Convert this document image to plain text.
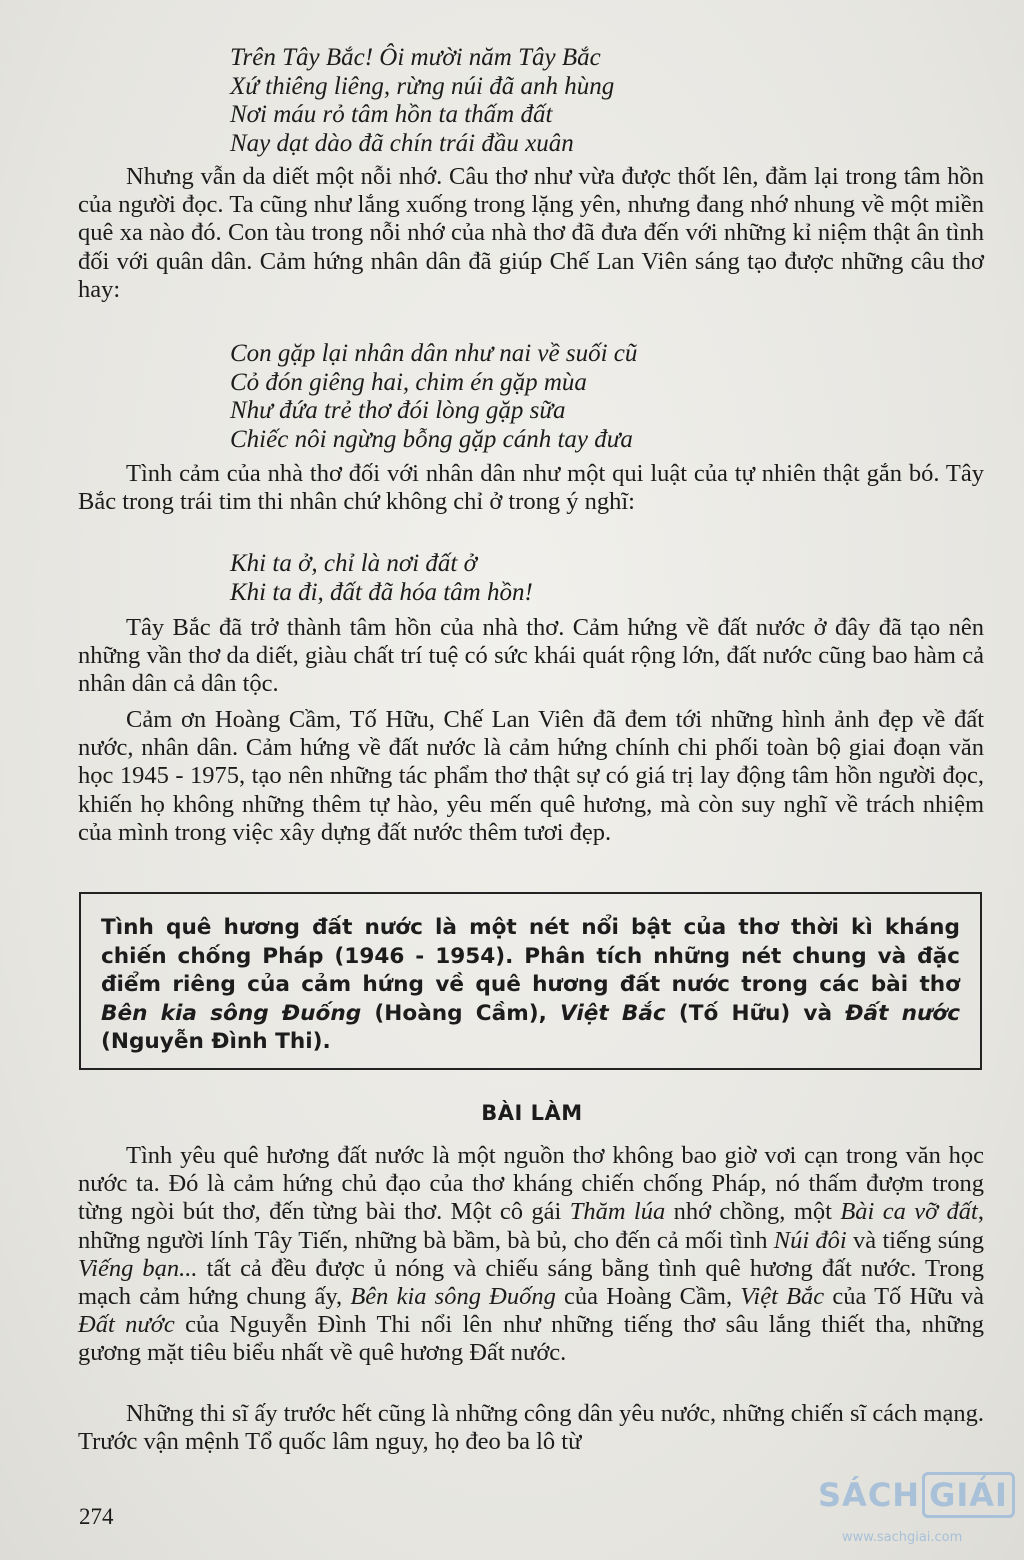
Trên Tây Bắc! Ôi mười năm Tây Bắc
Xứ thiêng liêng, rừng núi đã anh hùng
Nơi máu rỏ tâm hồn ta thấm đất
Nay dạt dào đã chín trái đầu xuân
Nhưng vẫn da diết một nỗi nhớ. Câu thơ như vừa được thốt lên, đằm lại trong tâm hồn của người đọc. Ta cũng như lắng xuống trong lặng yên, nhưng đang nhớ nhung về một miền quê xa nào đó. Con tàu trong nỗi nhớ của nhà thơ đã đưa đến với những kỉ niệm thật ân tình đối với quân dân. Cảm hứng nhân dân đã giúp Chế Lan Viên sáng tạo được những câu thơ hay:
Con gặp lại nhân dân như nai về suối cũ
Cỏ đón giêng hai, chim én gặp mùa
Như đứa trẻ thơ đói lòng gặp sữa
Chiếc nôi ngừng bỗng gặp cánh tay đưa
Tình cảm của nhà thơ đối với nhân dân như một qui luật của tự nhiên thật gắn bó. Tây Bắc trong trái tim thi nhân chứ không chỉ ở trong ý nghĩ:
Khi ta ở, chỉ là nơi đất ở
Khi ta đi, đất đã hóa tâm hồn!
Tây Bắc đã trở thành tâm hồn của nhà thơ. Cảm hứng về đất nước ở đây đã tạo nên những vần thơ da diết, giàu chất trí tuệ có sức khái quát rộng lớn, đất nước cũng bao hàm cả nhân dân cả dân tộc.
Cảm ơn Hoàng Cầm, Tố Hữu, Chế Lan Viên đã đem tới những hình ảnh đẹp về đất nước, nhân dân. Cảm hứng về đất nước là cảm hứng chính chi phối toàn bộ giai đoạn văn học 1945 - 1975, tạo nên những tác phẩm thơ thật sự có giá trị lay động tâm hồn người đọc, khiến họ không những thêm tự hào, yêu mến quê hương, mà còn suy nghĩ về trách nhiệm của mình trong việc xây dựng đất nước thêm tươi đẹp.
Tình quê hương đất nước là một nét nổi bật của thơ thời kì kháng chiến chống Pháp (1946 - 1954). Phân tích những nét chung và đặc điểm riêng của cảm hứng về quê hương đất nước trong các bài thơ Bên kia sông Đuống (Hoàng Cầm), Việt Bắc (Tố Hữu) và Đất nước (Nguyễn Đình Thi).
BÀI LÀM
Tình yêu quê hương đất nước là một nguồn thơ không bao giờ vơi cạn trong văn học nước ta. Đó là cảm hứng chủ đạo của thơ kháng chiến chống Pháp, nó thấm đượm trong từng ngòi bút thơ, đến từng bài thơ. Một cô gái Thăm lúa nhớ chồng, một Bài ca vỡ đất, những người lính Tây Tiến, những bà bầm, bà bủ, cho đến cả mối tình Núi đôi và tiếng súng Viếng bạn... tất cả đều được ủ nóng và chiếu sáng bằng tình quê hương đất nước. Trong mạch cảm hứng chung ấy, Bên kia sông Đuống của Hoàng Cầm, Việt Bắc của Tố Hữu và Đất nước của Nguyễn Đình Thi nổi lên như những tiếng thơ sâu lắng thiết tha, những gương mặt tiêu biểu nhất về quê hương Đất nước.
Những thi sĩ ấy trước hết cũng là những công dân yêu nước, những chiến sĩ cách mạng. Trước vận mệnh Tổ quốc lâm nguy, họ đeo ba lô từ
274
SÁCH GIẢI
www.sachgiai.com
